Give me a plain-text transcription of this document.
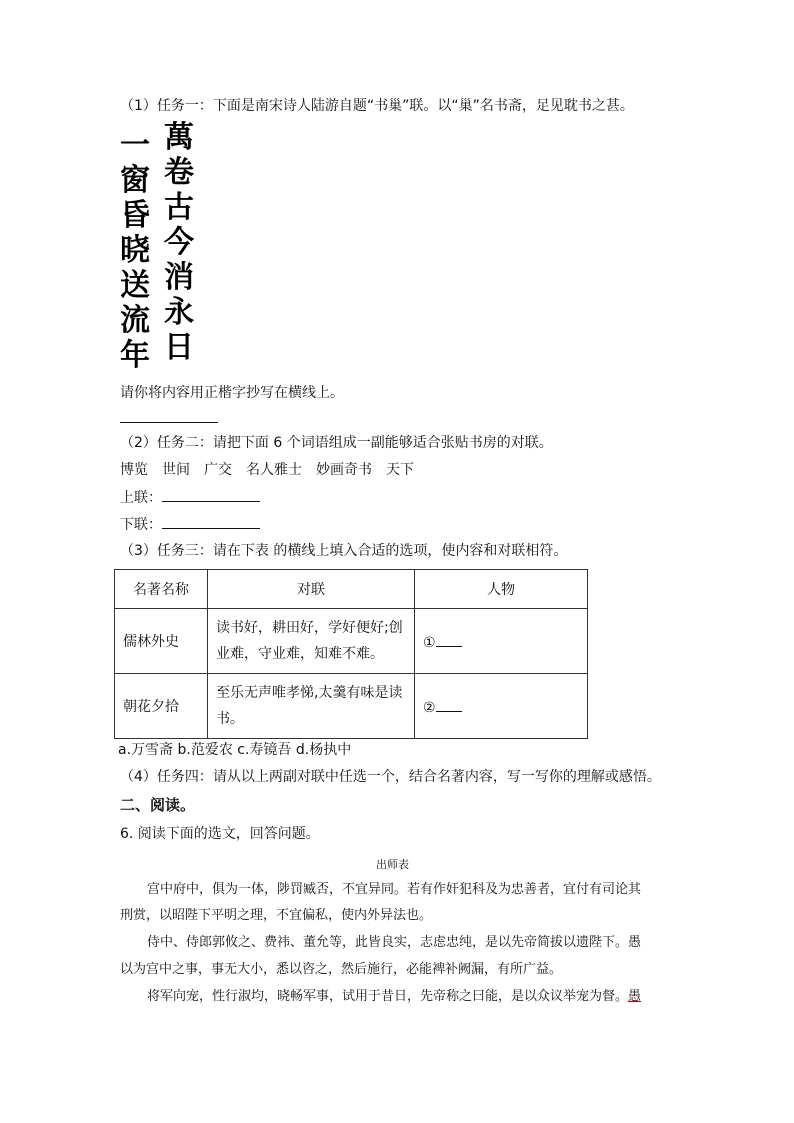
（1）任务一：下面是南宋诗人陆游自题“书巢”联。以“巢”名书斋，足见耽书之甚。
萬
卷
古
今
消
永
日
一
窗
昏
晓
送
流
年
请你将内容用正楷字抄写在横线上。
（2）任务二：请把下面 6 个词语组成一副能够适合张贴书房的对联。
博览 世间 广交 名人雅士 妙画奇书 天下
上联：
下联：
（3）任务三：请在下表 的横线上填入合适的选项，使内容和对联相符。
名著名称	对联	人物
儒林外史	读书好，耕田好，学好便好;创业难，守业难，知难不难。	①
朝花夕拾	至乐无声唯孝悌,太羹有味是读书。	②
a.万雪斋 b.范爱农 c.寿镜吾 d.杨执中
（4）任务四：请从以上两副对联中任选一个，结合名著内容，写一写你的理解或感悟。
二、阅读。
6. 阅读下面的选文，回答问题。
出师表
宫中府中，俱为一体，陟罚臧否，不宜异同。若有作奸犯科及为忠善者，宜付有司论其
刑赏，以昭陛下平明之理，不宜偏私，使内外异法也。
侍中、侍郎郭攸之、费祎、董允等，此皆良实，志虑忠纯，是以先帝简拔以遗陛下。愚
以为宫中之事，事无大小，悉以咨之，然后施行，必能裨补阙漏，有所广益。
将军向宠，性行淑均，晓畅军事，试用于昔日，先帝称之曰能，是以众议举宠为督。愚
